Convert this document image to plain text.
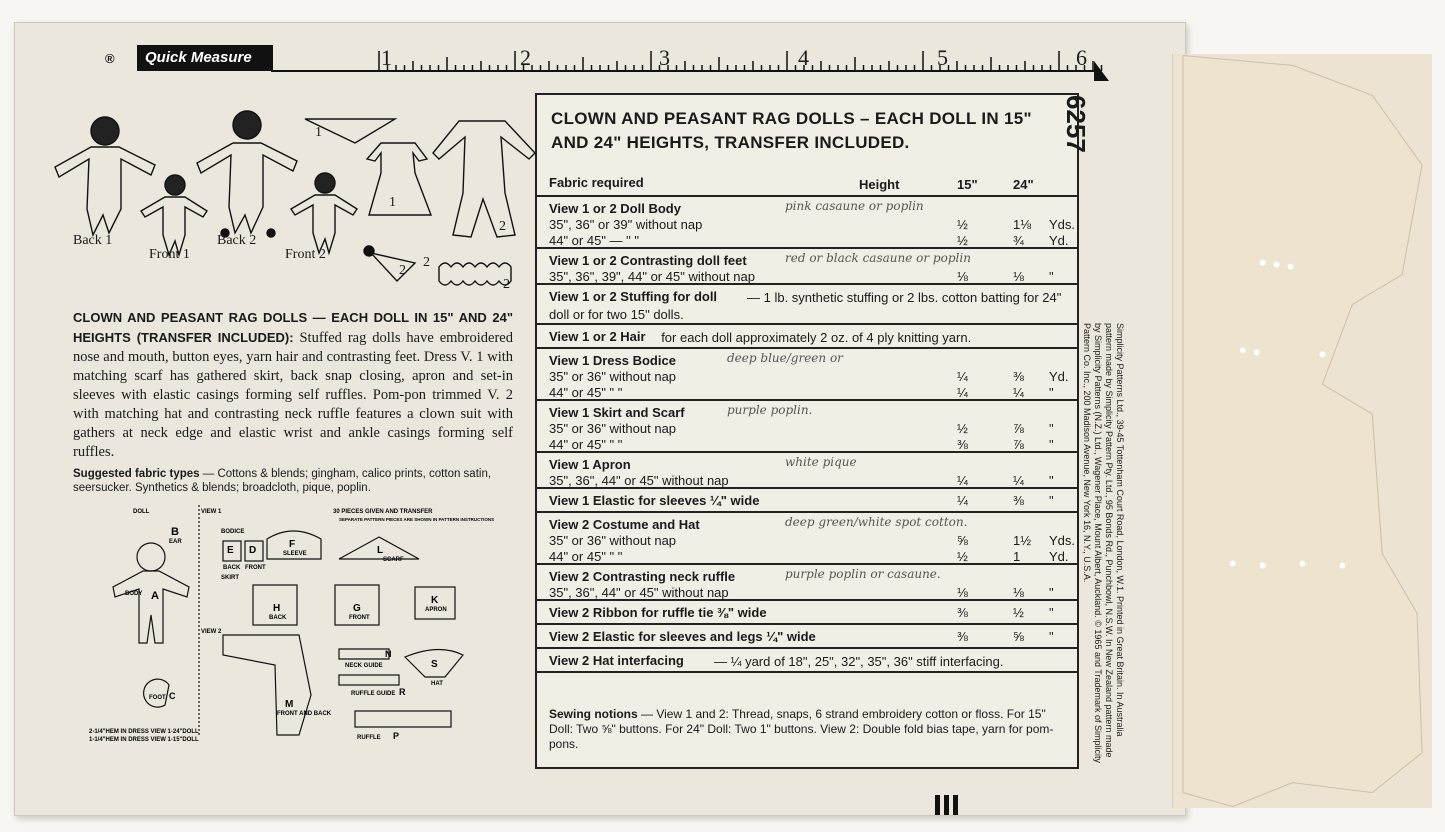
®	Quick Measure	1	2	3	4	5	6
Back 1
Front 1
Back 2
Front 2
1
1
2
2
2
2
CLOWN AND PEASANT RAG DOLLS — EACH DOLL IN 15" AND 24" HEIGHTS (TRANSFER INCLUDED): Stuffed rag dolls have embroidered nose and mouth, button eyes, yarn hair and contrasting feet. Dress V. 1 with matching scarf has gathered skirt, back snap closing, apron and set-in sleeves with elastic casings forming self ruffles. Pom-pon trimmed V. 2 with matching hat and contrasting neck ruffle features a clown suit with gathers at neck edge and elastic wrist and ankle casings forming self ruffles.
Suggested fabric types — Cottons & blends; gingham, calico prints, cotton satin, seersucker. Synthetics & blends; broadcloth, pique, poplin.
DOLL	VIEW 1
BODICE
SKIRT
VIEW 2
30 PIECES GIVEN AND TRANSFER
SEPARATE PATTERN PIECES ARE SHOWN IN PATTERN INSTRUCTIONS
B
EAR
BODY A
FOOT C
E D
BACK FRONT
F
SLEEVE	L
SCARF
H
BACK
G
FRONT
K
APRON
N
NECK GUIDE	S
HAT
RUFFLE GUIDE R
M
FRONT AND BACK
RUFFLE P
2-1/4"HEM IN DRESS VIEW 1-24"DOLL
1-1/4"HEM IN DRESS VIEW 1-15"DOLL
CLOWN AND PEASANT RAG DOLLS – EACH DOLL IN 15" AND 24" HEIGHTS, TRANSFER INCLUDED.
Fabric required	Height	15"	24"
View 1 or 2 Doll Body	pink casaune or poplin
35", 36" or 39" without nap	½	1⅛ Yds.
44" or 45" — " "	½	¾ Yd.
View 1 or 2 Contrasting doll feet	red or black casaune or poplin
35", 36", 39", 44" or 45" without nap	⅛	⅛ "
View 1 or 2 Stuffing for doll	— 1 lb. synthetic stuffing or 2 lbs. cotton batting for 24" doll or for two 15" dolls.
View 1 or 2 Hair	for each doll approximately 2 oz. of 4 ply knitting yarn.
View 1 Dress Bodice	deep blue/green or
35" or 36" without nap	¼	⅜ Yd.
44" or 45" " "	¼	¼ "
View 1 Skirt and Scarf	purple poplin.
35" or 36" without nap	½	⅞ "
44" or 45" " "	⅜	⅞ "
View 1 Apron	white pique
35", 36", 44" or 45" without nap	¼	¼ "
View 1 Elastic for sleeves ¼" wide	¼	⅜ "
View 2 Costume and Hat	deep green/white spot cotton.
35" or 36" without nap	⅝	1½ Yds.
44" or 45" " "	½	1 Yd.
View 2 Contrasting neck ruffle	purple poplin or casaune.
35", 36", 44" or 45" without nap	⅛	⅛ "
View 2 Ribbon for ruffle tie ⅜" wide	⅜	½ "
View 2 Elastic for sleeves and legs ¼" wide	⅜	⅝ "
View 2 Hat interfacing	— ¼ yard of 18", 25", 32", 35", 36" stiff interfacing.
Sewing notions — View 1 and 2: Thread, snaps, 6 strand embroidery cotton or floss. For 15" Doll: Two ⅝" buttons. For 24" Doll: Two 1" buttons. View 2: Double fold bias tape, yarn for pom-pons.
6257
Simplicity Patterns Ltd., 39-45 Tottenham Court Road, London, W.1. Printed in Great Britain. In Australia pattern made by Simplicity Pattern Pty. Ltd., 95 Bonds Rd., Punchbowl, N.S.W. In New Zealand pattern made by Simplicity Patterns (N.Z.) Ltd., Wagener Place, Mount Albert, Auckland. © 1965 and Trademark of Simplicity Pattern Co. Inc., 200 Madison Avenue, New York 16, N.Y., U.S.A.
